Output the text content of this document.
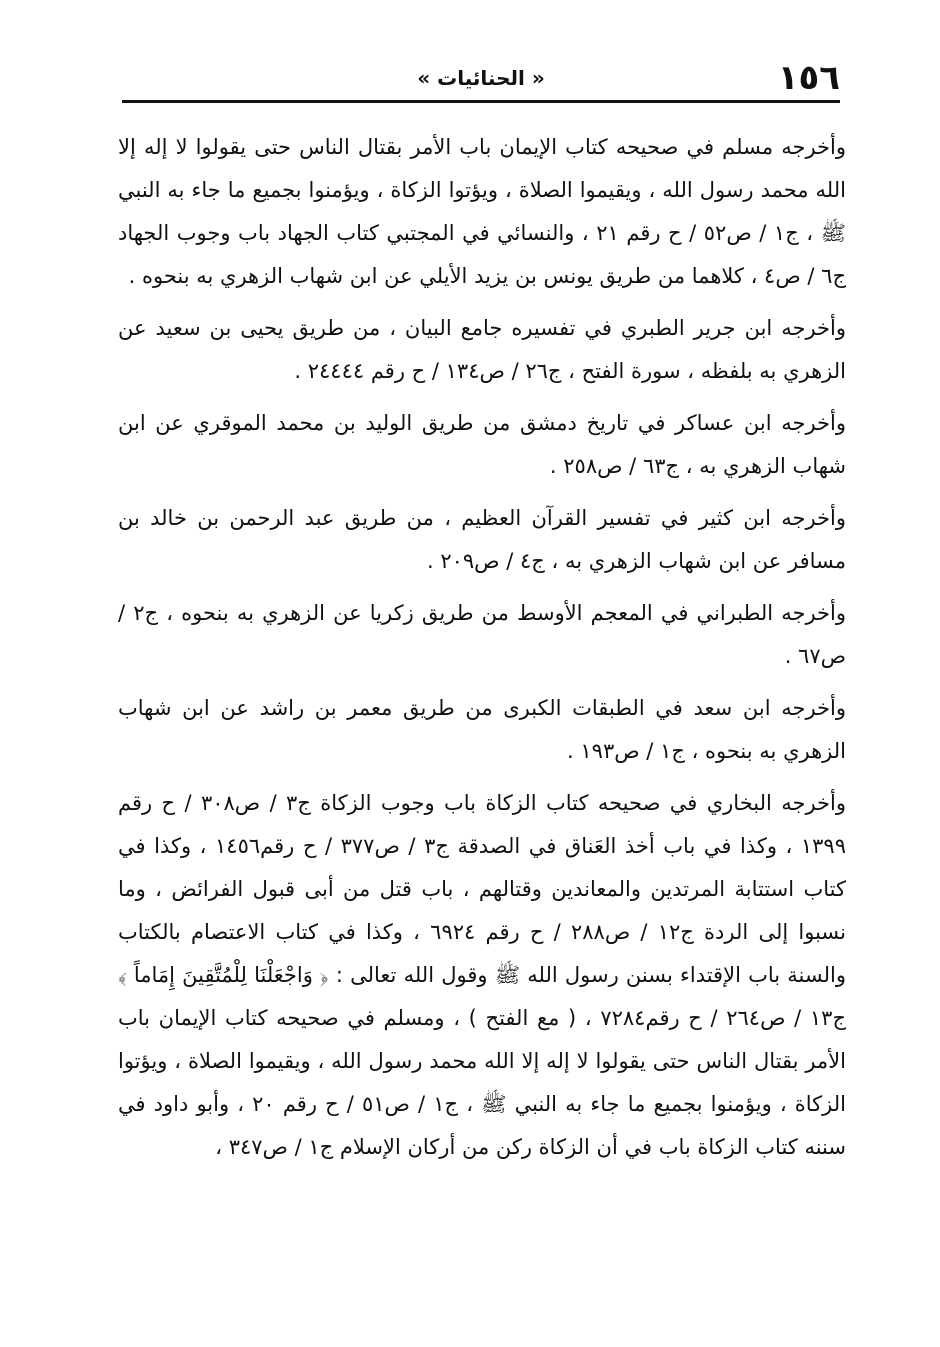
١٥٦
« الحنائيات »

وأخرجه مسلم في صحيحه كتاب الإيمان باب الأمر بقتال الناس حتى يقولوا لا إله إلا الله محمد رسول الله ، ويقيموا الصلاة ، ويؤتوا الزكاة ، ويؤمنوا بجميع ما جاء به النبي ﷺ ، ج١ / ص٥٢ / ح رقم ٢١ ، والنسائي في المجتبي كتاب الجهاد باب وجوب الجهاد ج٦ / ص٤ ، كلاهما من طريق يونس بن يزيد الأيلي عن ابن شهاب الزهري به بنحوه .

وأخرجه ابن جرير الطبري في تفسيره جامع البيان ، من طريق يحيى بن سعيد عن الزهري به بلفظه ، سورة الفتح ، ج٢٦ / ص١٣٤ / ح رقم ٢٤٤٤٤ .

وأخرجه ابن عساكر في تاريخ دمشق من طريق الوليد بن محمد الموقري عن ابن شهاب الزهري به ، ج٦٣ / ص٢٥٨ .

وأخرجه ابن كثير في تفسير القرآن العظيم ، من طريق عبد الرحمن بن خالد بن مسافر عن ابن شهاب الزهري به ، ج٤ / ص٢٠٩ .

وأخرجه الطبراني في المعجم الأوسط من طريق زكريا عن الزهري به بنحوه ، ج٢ / ص٦٧ .

وأخرجه ابن سعد في الطبقات الكبرى من طريق معمر بن راشد عن ابن شهاب الزهري به بنحوه ، ج١ / ص١٩٣ .

وأخرجه البخاري في صحيحه كتاب الزكاة باب وجوب الزكاة ج٣ / ص٣٠٨ / ح رقم ١٣٩٩ ، وكذا في باب أخذ العَناق في الصدقة ج٣ / ص٣٧٧ / ح رقم١٤٥٦ ، وكذا في كتاب استتابة المرتدين والمعاندين وقتالهم ، باب قتل من أبى قبول الفرائض ، وما نسبوا إلى الردة ج١٢ / ص٢٨٨ / ح رقم ٦٩٢٤ ، وكذا في كتاب الاعتصام بالكتاب والسنة باب الإقتداء بسنن رسول الله ﷺ وقول الله تعالى : ﴿ وَاجْعَلْنَا لِلْمُتَّقِينَ إِمَاماً ﴾ ج١٣ / ص٢٦٤ / ح رقم٧٢٨٤ ، ( مع الفتح ) ، ومسلم في صحيحه كتاب الإيمان باب الأمر بقتال الناس حتى يقولوا لا إله إلا الله محمد رسول الله ، ويقيموا الصلاة ، ويؤتوا الزكاة ، ويؤمنوا بجميع ما جاء به النبي ﷺ ، ج١ / ص٥١ / ح رقم ٢٠ ، وأبو داود في سننه كتاب الزكاة باب في أن الزكاة ركن من أركان الإسلام ج١ / ص٣٤٧ ،
